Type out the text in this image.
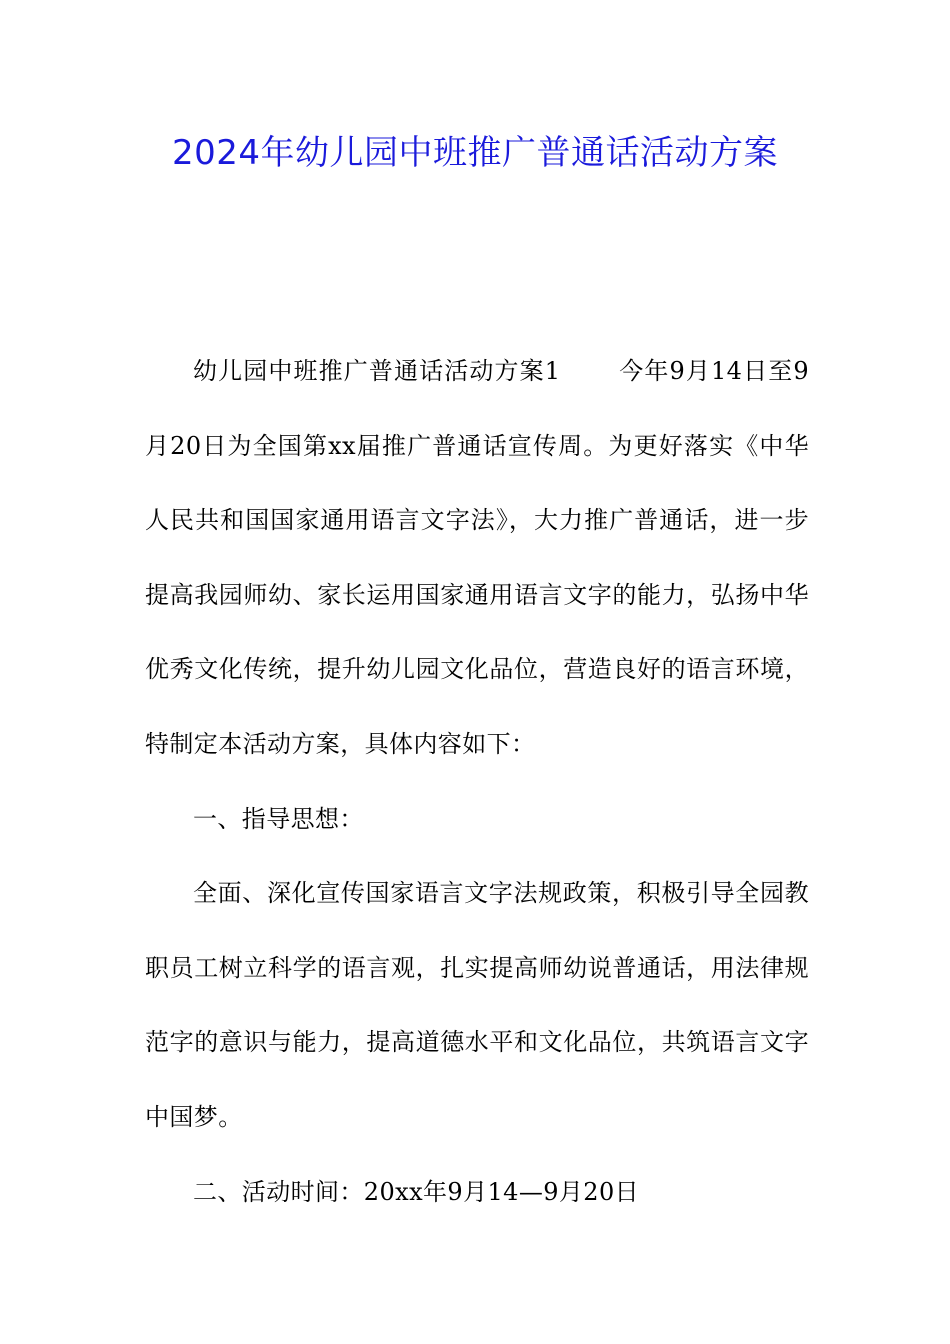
2024年幼儿园中班推广普通话活动方案

幼儿园中班推广普通话活动方案1 今年9月14日至9月20日为全国第xx届推广普通话宣传周。为更好落实《中华人民共和国国家通用语言文字法》，大力推广普通话，进一步提高我园师幼、家长运用国家通用语言文字的能力，弘扬中华优秀文化传统，提升幼儿园文化品位，营造良好的语言环境，特制定本活动方案，具体内容如下：

一、指导思想：

全面、深化宣传国家语言文字法规政策，积极引导全园教职员工树立科学的语言观，扎实提高师幼说普通话，用法律规范字的意识与能力，提高道德水平和文化品位，共筑语言文字中国梦。

二、活动时间：20xx年9月14—9月20日
